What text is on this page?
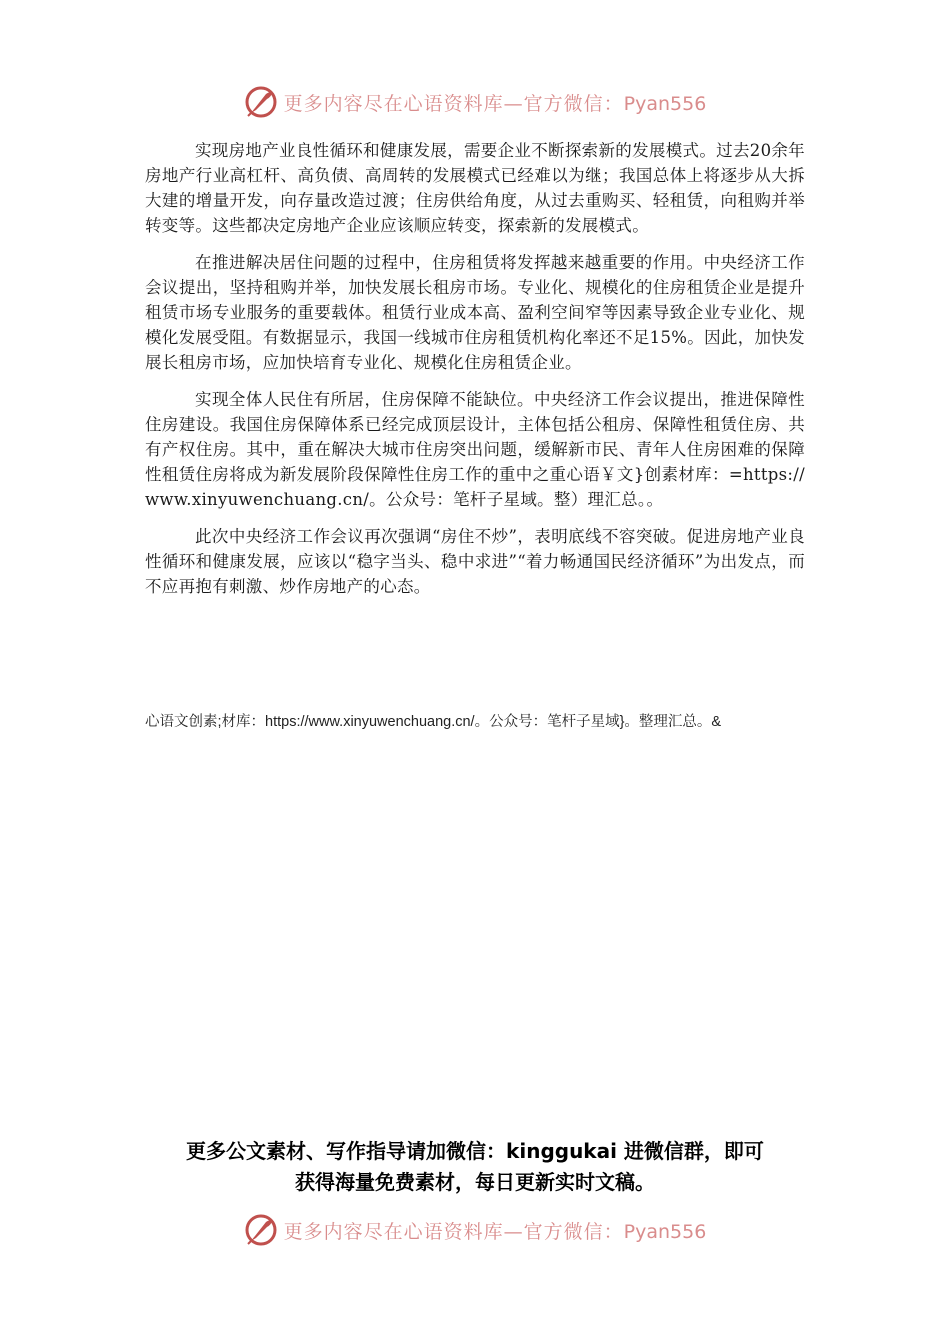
更多内容尽在心语资料库—官方微信：Pyan556

实现房地产业良性循环和健康发展，需要企业不断探索新的发展模式。过去20余年房地产行业高杠杆、高负债、高周转的发展模式已经难以为继；我国总体上将逐步从大拆大建的增量开发，向存量改造过渡；住房供给角度，从过去重购买、轻租赁，向租购并举转变等。这些都决定房地产企业应该顺应转变，探索新的发展模式。

在推进解决居住问题的过程中，住房租赁将发挥越来越重要的作用。中央经济工作会议提出，坚持租购并举，加快发展长租房市场。专业化、规模化的住房租赁企业是提升租赁市场专业服务的重要载体。租赁行业成本高、盈利空间窄等因素导致企业专业化、规模化发展受阻。有数据显示，我国一线城市住房租赁机构化率还不足15%。因此，加快发展长租房市场，应加快培育专业化、规模化住房租赁企业。

实现全体人民住有所居，住房保障不能缺位。中央经济工作会议提出，推进保障性住房建设。我国住房保障体系已经完成顶层设计，主体包括公租房、保障性租赁住房、共有产权住房。其中，重在解决大城市住房突出问题，缓解新市民、青年人住房困难的保障性租赁住房将成为新发展阶段保障性住房工作的重中之重心语￥文}创素材库：=https://www.xinyuwenchuang.cn/。公众号：笔杆子星域。整）理汇总。。

此次中央经济工作会议再次强调“房住不炒”，表明底线不容突破。促进房地产业良性循环和健康发展，应该以“稳字当头、稳中求进”“着力畅通国民经济循环”为出发点，而不应再抱有刺激、炒作房地产的心态。

心语文创素;材库：https://www.xinyuwenchuang.cn/。公众号：笔杆子星域}。整理汇总。&
更多公文素材、写作指导请加微信：kinggukai 进微信群，即可
获得海量免费素材，每日更新实时文稿。
更多内容尽在心语资料库—官方微信：Pyan556
